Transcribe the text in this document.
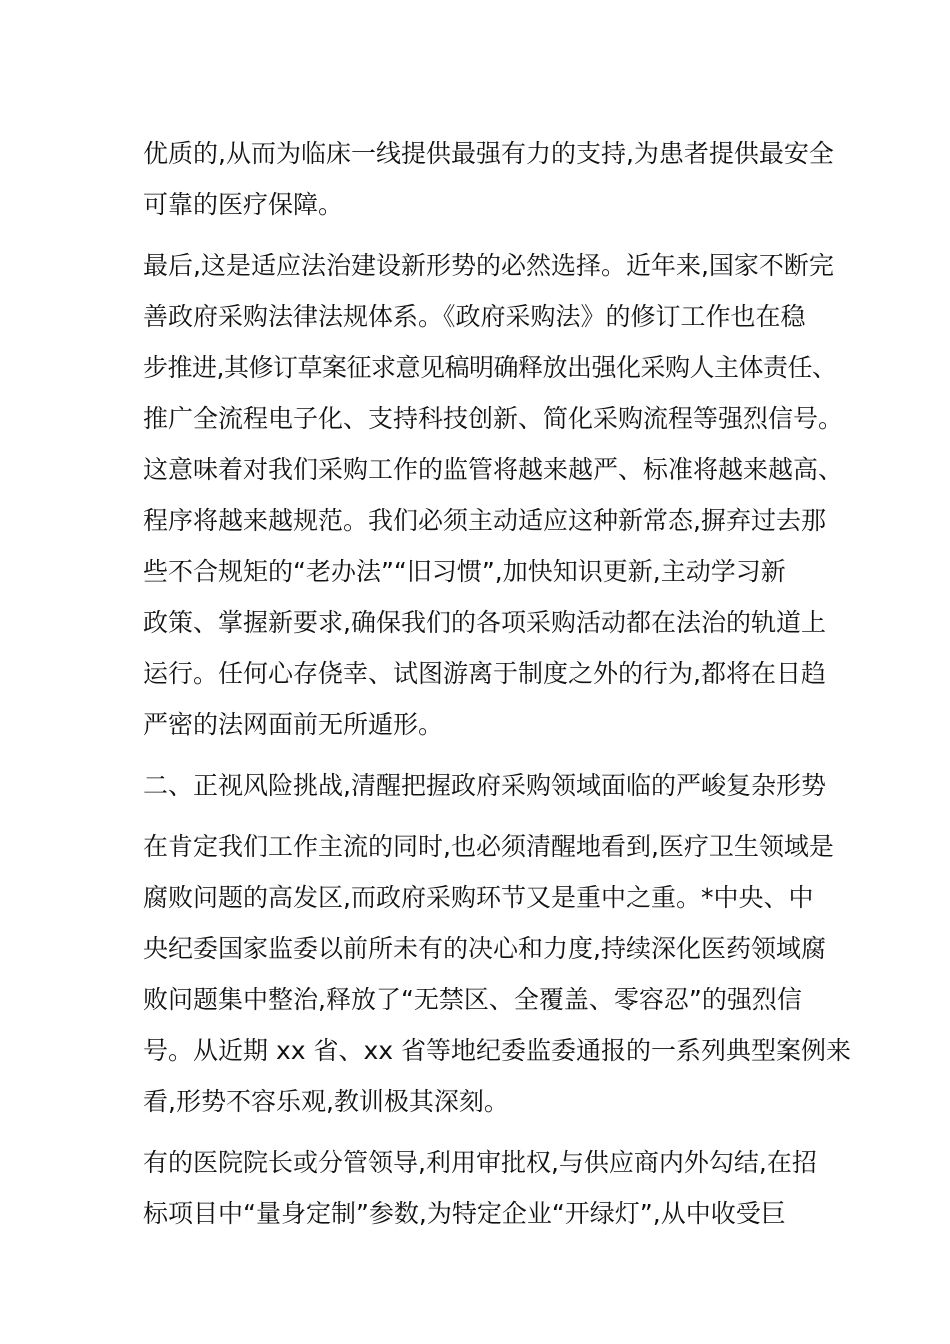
优质的,从而为临床一线提供最强有力的支持,为患者提供最安全
可靠的医疗保障。
最后,这是适应法治建设新形势的必然选择。近年来,国家不断完
善政府采购法律法规体系。《政府采购法》的修订工作也在稳
步推进,其修订草案征求意见稿明确释放出强化采购人主体责任、
推广全流程电子化、支持科技创新、简化采购流程等强烈信号。
这意味着对我们采购工作的监管将越来越严、标准将越来越高、
程序将越来越规范。我们必须主动适应这种新常态,摒弃过去那
些不合规矩的“老办法”“旧习惯”,加快知识更新,主动学习新
政策、掌握新要求,确保我们的各项采购活动都在法治的轨道上
运行。任何心存侥幸、试图游离于制度之外的行为,都将在日趋
严密的法网面前无所遁形。
二、正视风险挑战,清醒把握政府采购领域面临的严峻复杂形势
在肯定我们工作主流的同时,也必须清醒地看到,医疗卫生领域是
腐败问题的高发区,而政府采购环节又是重中之重。*中央、中
央纪委国家监委以前所未有的决心和力度,持续深化医药领域腐
败问题集中整治,释放了“无禁区、全覆盖、零容忍”的强烈信
号。从近期 xx 省、xx 省等地纪委监委通报的一系列典型案例来
看,形势不容乐观,教训极其深刻。
有的医院院长或分管领导,利用审批权,与供应商内外勾结,在招
标项目中“量身定制”参数,为特定企业“开绿灯”,从中收受巨
